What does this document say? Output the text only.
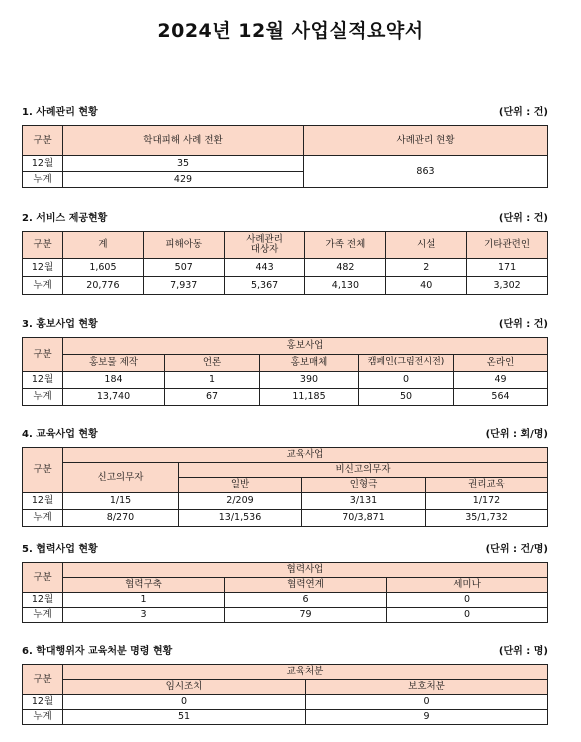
2024년 12월 사업실적요약서
1. 사례관리 현황	(단위 : 건)
구분	학대피해 사례 전환	사례관리 현황
12월	35	863
누계	429	
2. 서비스 제공현황	(단위 : 건)
구분	계	피해아동	사례관리 대상자	가족 전체	시설	기타관련인
12월	1,605	507	443	482	2	171
누계	20,776	7,937	5,367	4,130	40	3,302
3. 홍보사업 현황	(단위 : 건)
구분	홍보사업				
	홍보물 제작	언론	홍보매체	캠페인(그림전시전)	온라인
12월	184	1	390	0	49
누계	13,740	67	11,185	50	564
4. 교육사업 현황	(단위 : 회/명)
구분	교육사업			
	신고의무자	비신고의무자		
		일반	인형극	권리교육
12월	1/15	2/209	3/131	1/172
누계	8/270	13/1,536	70/3,871	35/1,732
5. 협력사업 현황	(단위 : 건/명)
구분	협력사업		
	협력구축	협력연계	세미나
12월	1	6	0
누계	3	79	0
6. 학대행위자 교육처분 명령 현황	(단위 : 명)
구분	교육처분	
	임시조치	보호처분
12월	0	0
누계	51	9
